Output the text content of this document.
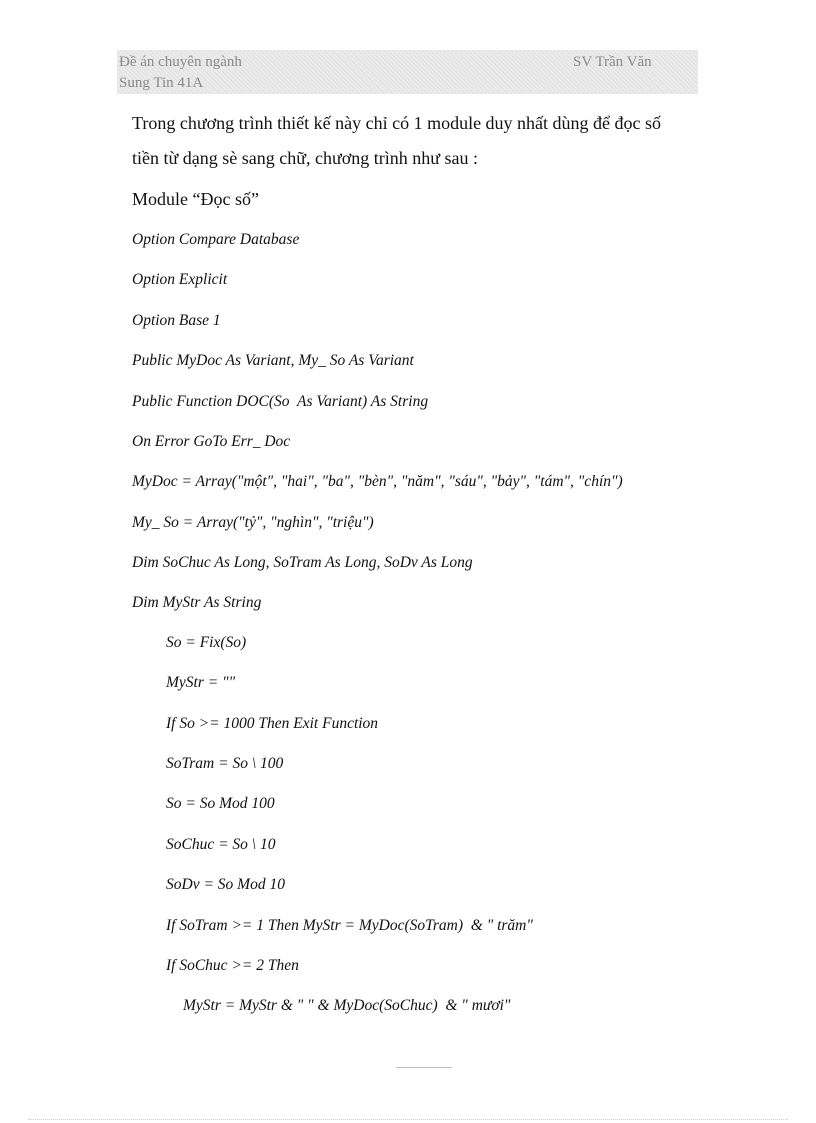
Đề án chuyên ngành	SV Trần Văn
Sung Tin 41A
Trong chương trình thiết kế này chỉ có 1 module duy nhất dùng để đọc số
tiền từ dạng sè sang chữ, chương trình như sau :
Module “Đọc số”
Option Compare Database
Option Explicit
Option Base 1
Public MyDoc As Variant, My_ So As Variant
Public Function DOC(So  As Variant) As String
On Error GoTo Err_ Doc
MyDoc = Array("một", "hai", "ba", "bèn", "năm", "sáu", "bảy", "tám", "chín")
My_ So = Array("tỷ", "nghìn", "triệu")
Dim SoChuc As Long, SoTram As Long, SoDv As Long
Dim MyStr As String
So = Fix(So)
MyStr = ""
If So >= 1000 Then Exit Function
SoTram = So \ 100
So = So Mod 100
SoChuc = So \ 10
SoDv = So Mod 10
If SoTram >= 1 Then MyStr = MyDoc(SoTram)  & " trăm"
If SoChuc >= 2 Then
MyStr = MyStr & " " & MyDoc(SoChuc)  & " mươi"
